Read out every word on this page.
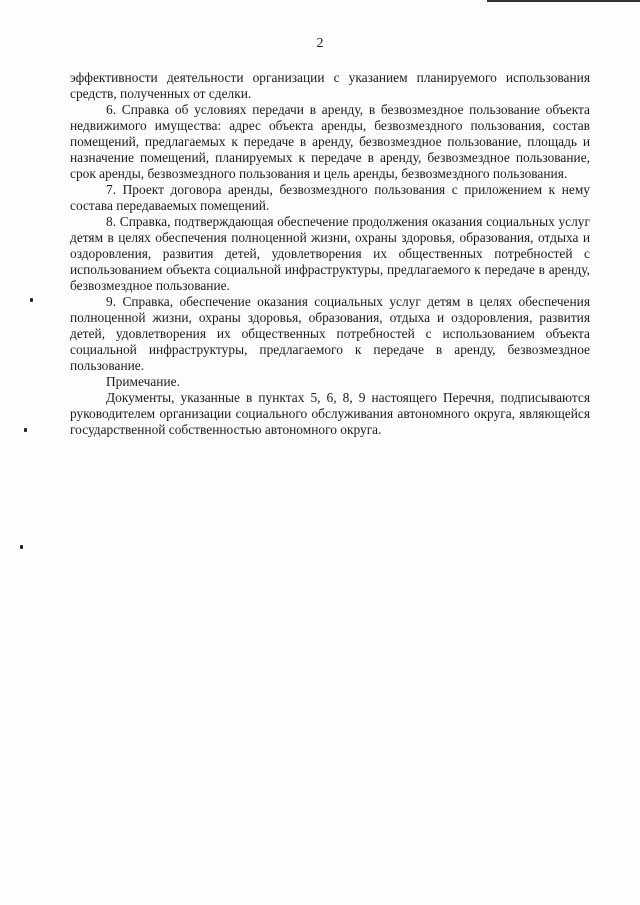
2

эффективности деятельности организации с указанием планируемого использования средств, полученных от сделки.

6. Справка об условиях передачи в аренду, в безвозмездное пользование объекта недвижимого имущества: адрес объекта аренды, безвозмездного пользования, состав помещений, предлагаемых к передаче в аренду, безвозмездное пользование, площадь и назначение помещений, планируемых к передаче в аренду, безвозмездное пользование, срок аренды, безвозмездного пользования и цель аренды, безвозмездного пользования.

7. Проект договора аренды, безвозмездного пользования с приложением к нему состава передаваемых помещений.

8. Справка, подтверждающая обеспечение продолжения оказания социальных услуг детям в целях обеспечения полноценной жизни, охраны здоровья, образования, отдыха и оздоровления, развития детей, удовлетворения их общественных потребностей с использованием объекта социальной инфраструктуры, предлагаемого к передаче в аренду, безвозмездное пользование.

9. Справка, обеспечение оказания социальных услуг детям в целях обеспечения полноценной жизни, охраны здоровья, образования, отдыха и оздоровления, развития детей, удовлетворения их общественных потребностей с использованием объекта социальной инфраструктуры, предлагаемого к передаче в аренду, безвозмездное пользование.

Примечание.

Документы, указанные в пунктах 5, 6, 8, 9 настоящего Перечня, подписываются руководителем организации социального обслуживания автономного округа, являющейся государственной собственностью автономного округа.
